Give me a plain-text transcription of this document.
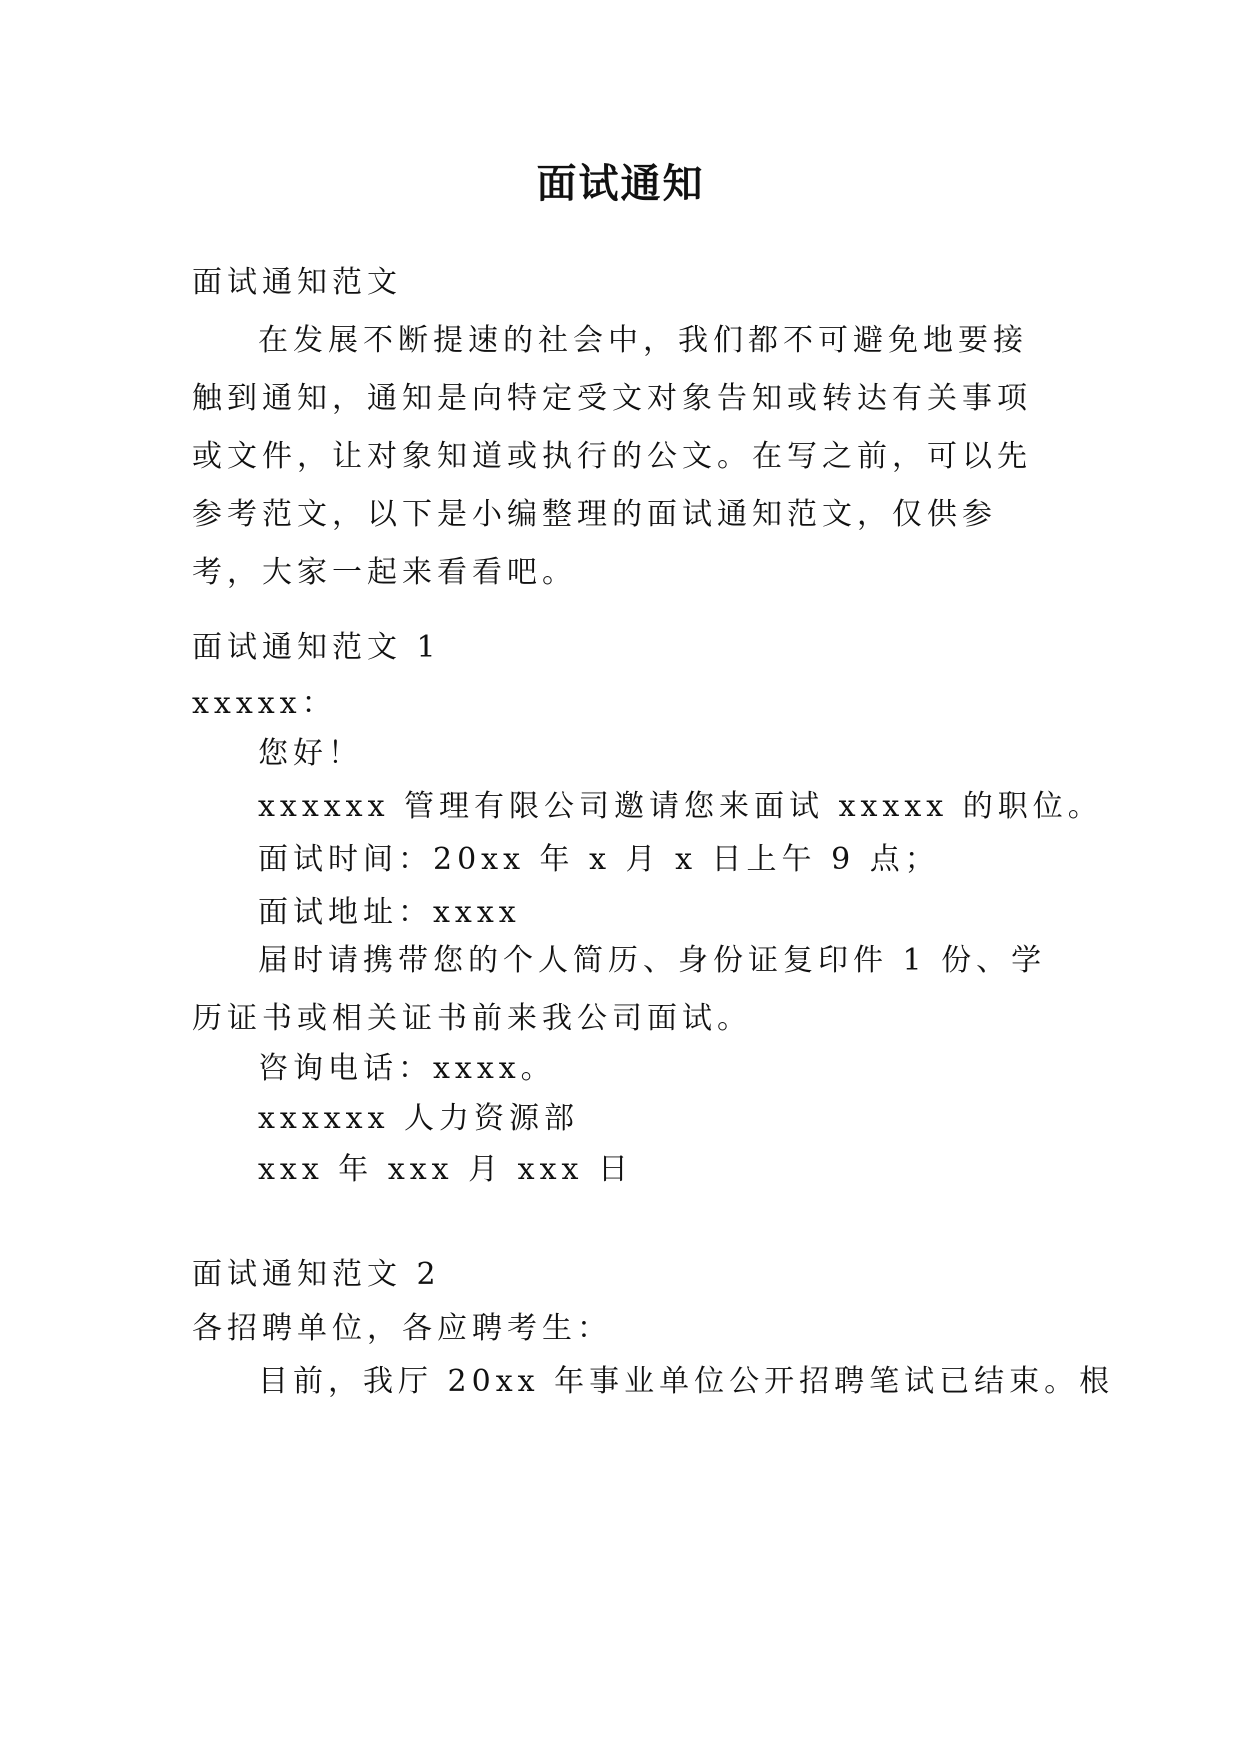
面试通知

面试通知范文

在发展不断提速的社会中，我们都不可避免地要接触到通知，通知是向特定受文对象告知或转达有关事项或文件，让对象知道或执行的公文。在写之前，可以先参考范文，以下是小编整理的面试通知范文，仅供参考，大家一起来看看吧。

面试通知范文 1

xxxxx：

您好！

xxxxxx 管理有限公司邀请您来面试 xxxxx 的职位。

面试时间：20xx 年 x 月 x 日上午 9 点；

面试地址：xxxx

届时请携带您的个人简历、身份证复印件 1 份、学历证书或相关证书前来我公司面试。

咨询电话：xxxx。

xxxxxx 人力资源部

xxx 年 xxx 月 xxx 日

面试通知范文 2

各招聘单位，各应聘考生：

目前，我厅 20xx 年事业单位公开招聘笔试已结束。根
